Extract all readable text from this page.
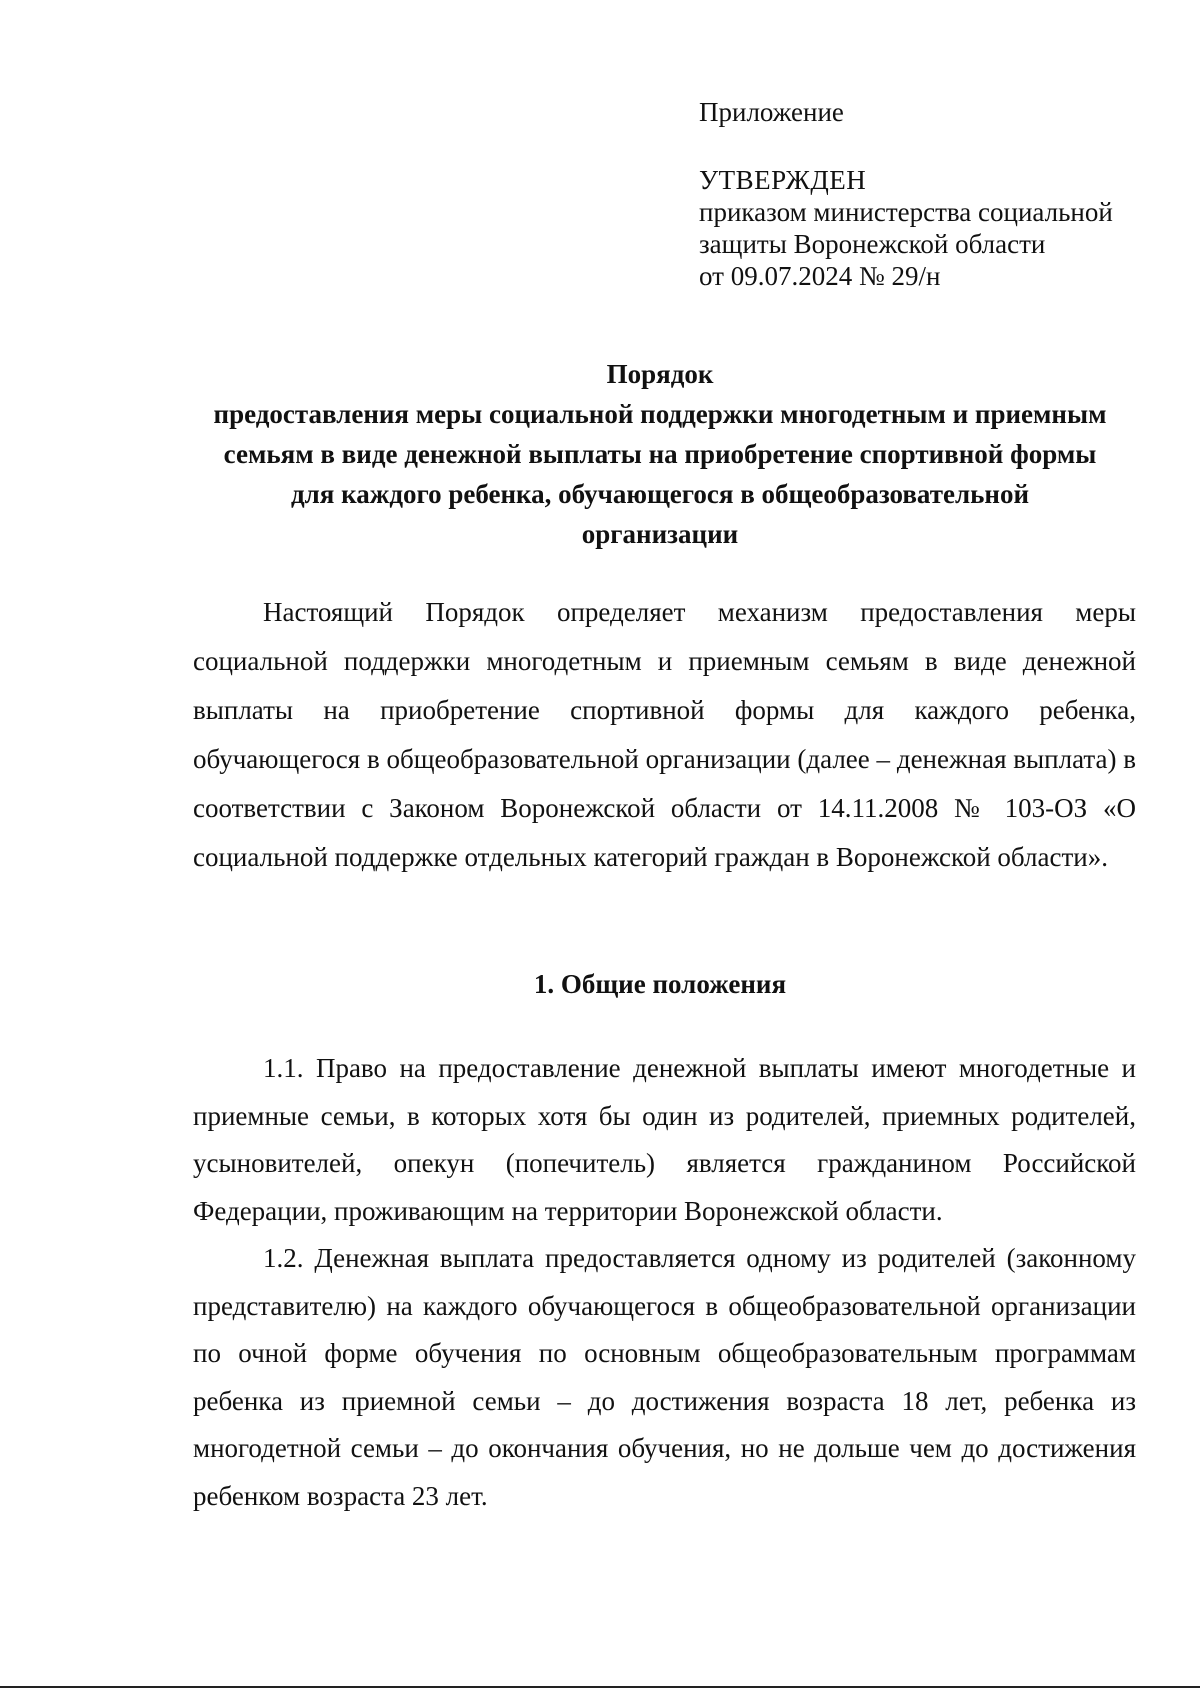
Приложение

УТВЕРЖДЕН

приказом министерства социальной

защиты Воронежской области

от 09.07.2024 № 29/н

Порядок

предоставления меры социальной поддержки многодетным и приемным

семьям в виде денежной выплаты на приобретение спортивной формы

для каждого ребенка, обучающегося в общеобразовательной

организации

Настоящий Порядок определяет механизм предоставления меры социальной поддержки многодетным и приемным семьям в виде денежной выплаты на приобретение спортивной формы для каждого ребенка, обучающегося в общеобразовательной организации (далее – денежная выплата) в соответствии с Законом Воронежской области от 14.11.2008 № 103-ОЗ «О социальной поддержке отдельных категорий граждан в Воронежской области».

1. Общие положения

1.1. Право на предоставление денежной выплаты имеют многодетные и приемные семьи, в которых хотя бы один из родителей, приемных родителей, усыновителей, опекун (попечитель) является гражданином Российской Федерации, проживающим на территории Воронежской области.

1.2. Денежная выплата предоставляется одному из родителей (законному представителю) на каждого обучающегося в общеобразовательной организации по очной форме обучения по основным общеобразовательным программам ребенка из приемной семьи – до достижения возраста 18 лет, ребенка из многодетной семьи – до окончания обучения, но не дольше чем до достижения ребенком возраста 23 лет.
